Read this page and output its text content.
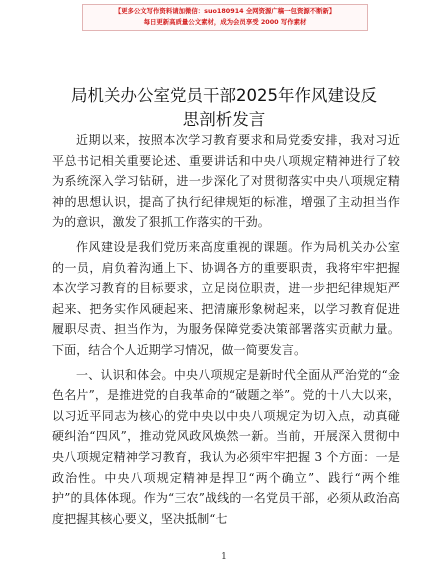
【更多公文写作资料请加微信：suo180914 全网资源广稿一包资源不断新】
每日更新高质量公文素材，成为会员享受 2000 写作素材
局机关办公室党员干部2025年作风建设反思剖析发言

近期以来，按照本次学习教育要求和局党委安排，我对习近平总书记相关重要论述、重要讲话和中央八项规定精神进行了较为系统深入学习钻研，进一步深化了对贯彻落实中央八项规定精神的思想认识，提高了执行纪律规矩的标准，增强了主动担当作为的意识，激发了狠抓工作落实的干劲。

作风建设是我们党历来高度重视的课题。作为局机关办公室的一员，肩负着沟通上下、协调各方的重要职责，我将牢牢把握本次学习教育的目标要求，立足岗位职责，进一步把纪律规矩严起来、把务实作风硬起来、把清廉形象树起来，以学习教育促进履职尽责、担当作为，为服务保障党委决策部署落实贡献力量。下面，结合个人近期学习情况，做一简要发言。

一、认识和体会。中央八项规定是新时代全面从严治党的“金色名片”，是推进党的自我革命的“破题之举”。党的十八大以来，以习近平同志为核心的党中央以中央八项规定为切入点，动真碰硬纠治“四风”，推动党风政风焕然一新。当前，开展深入贯彻中央八项规定精神学习教育，我认为必须牢牢把握 3 个方面：一是政治性。中央八项规定精神是捍卫“两个确立”、践行“两个维护”的具体体现。作为“三农”战线的一名党员干部，必须从政治高度把握其核心要义，坚决抵制“七

1
